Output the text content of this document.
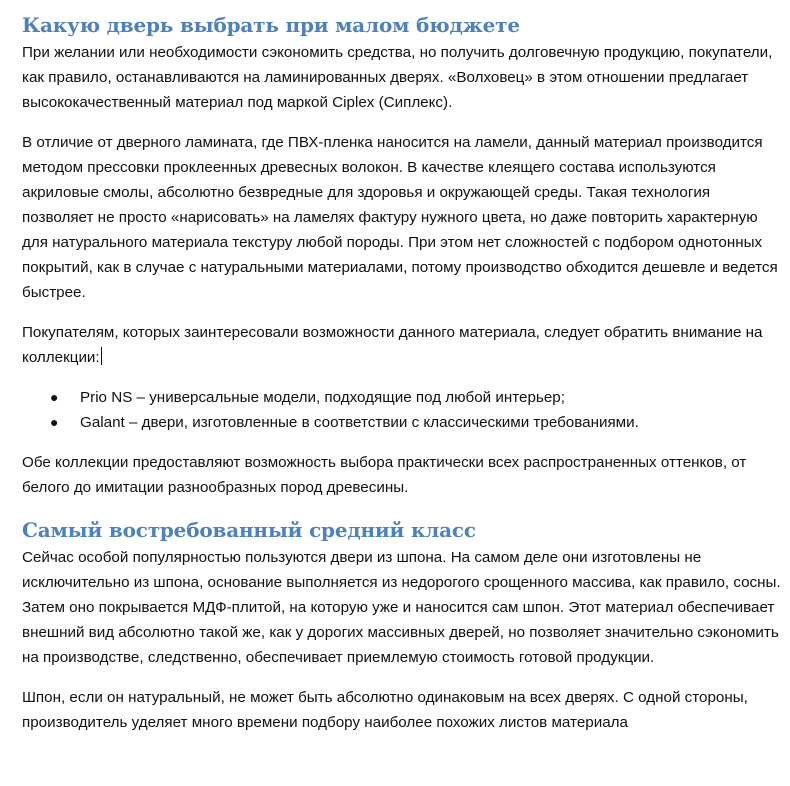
Какую дверь выбрать при малом бюджете

При желании или необходимости сэкономить средства, но получить долговечную продукцию, покупатели, как правило, останавливаются на ламинированных дверях. «Волховец» в этом отношении предлагает высококачественный материал под маркой Ciplex (Сиплекс).

В отличие от дверного ламината, где ПВХ-пленка наносится на ламели, данный материал производится методом прессовки проклеенных древесных волокон. В качестве клеящего состава используются акриловые смолы, абсолютно безвредные для здоровья и окружающей среды. Такая технология позволяет не просто «нарисовать» на ламелях фактуру нужного цвета, но даже повторить характерную для натурального материала текстуру любой породы. При этом нет сложностей с подбором однотонных покрытий, как в случае с натуральными материалами, потому производство обходится дешевле и ведется быстрее.

Покупателям, которых заинтересовали возможности данного материала, следует обратить внимание на коллекции:

● Prio NS – универсальные модели, подходящие под любой интерьер;
● Galant – двери, изготовленные в соответствии с классическими требованиями.

Обе коллекции предоставляют возможность выбора практически всех распространенных оттенков, от белого до имитации разнообразных пород древесины.

Самый востребованный средний класс

Сейчас особой популярностью пользуются двери из шпона. На самом деле они изготовлены не исключительно из шпона, основание выполняется из недорогого срощенного массива, как правило, сосны. Затем оно покрывается МДФ-плитой, на которую уже и наносится сам шпон. Этот материал обеспечивает внешний вид абсолютно такой же, как у дорогих массивных дверей, но позволяет значительно сэкономить на производстве, следственно, обеспечивает приемлемую стоимость готовой продукции.

Шпон, если он натуральный, не может быть абсолютно одинаковым на всех дверях. С одной стороны, производитель уделяет много времени подбору наиболее похожих листов материала
